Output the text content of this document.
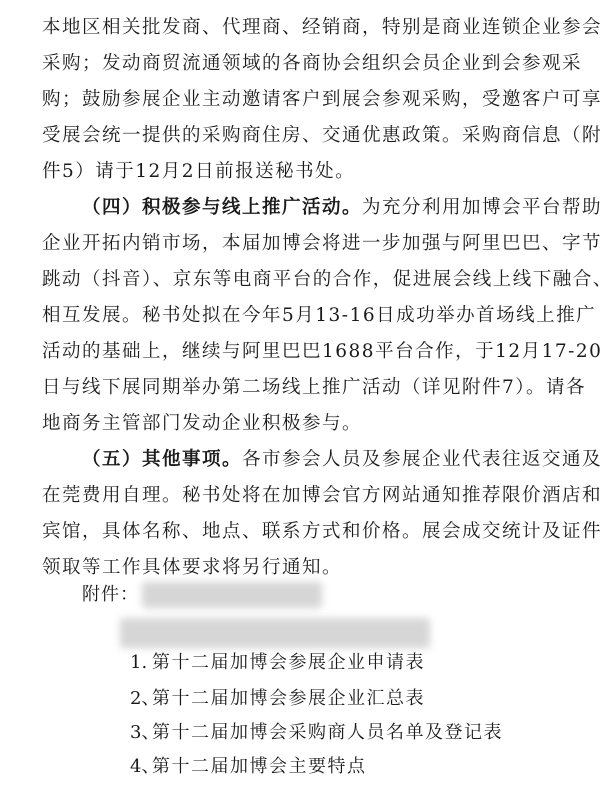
本地区相关批发商、代理商、经销商，特别是商业连锁企业参会
采购；发动商贸流通领域的各商协会组织会员企业到会参观采
购；鼓励参展企业主动邀请客户到展会参观采购，受邀客户可享
受展会统一提供的采购商住房、交通优惠政策。采购商信息（附
件5）请于12月2日前报送秘书处。
（四）积极参与线上推广活动。为充分利用加博会平台帮助
企业开拓内销市场，本届加博会将进一步加强与阿里巴巴、字节
跳动（抖音）、京东等电商平台的合作，促进展会线上线下融合、
相互发展。秘书处拟在今年5月13-16日成功举办首场线上推广
活动的基础上，继续与阿里巴巴1688平台合作，于12月17-20
日与线下展同期举办第二场线上推广活动（详见附件7）。请各
地商务主管部门发动企业积极参与。
（五）其他事项。各市参会人员及参展企业代表往返交通及
在莞费用自理。秘书处将在加博会官方网站通知推荐限价酒店和
宾馆，具体名称、地点、联系方式和价格。展会成交统计及证件
领取等工作具体要求将另行通知。
附件：
1. 第十二届加博会参展企业申请表
2、第十二届加博会参展企业汇总表
3、第十二届加博会采购商人员名单及登记表
4、第十二届加博会主要特点
